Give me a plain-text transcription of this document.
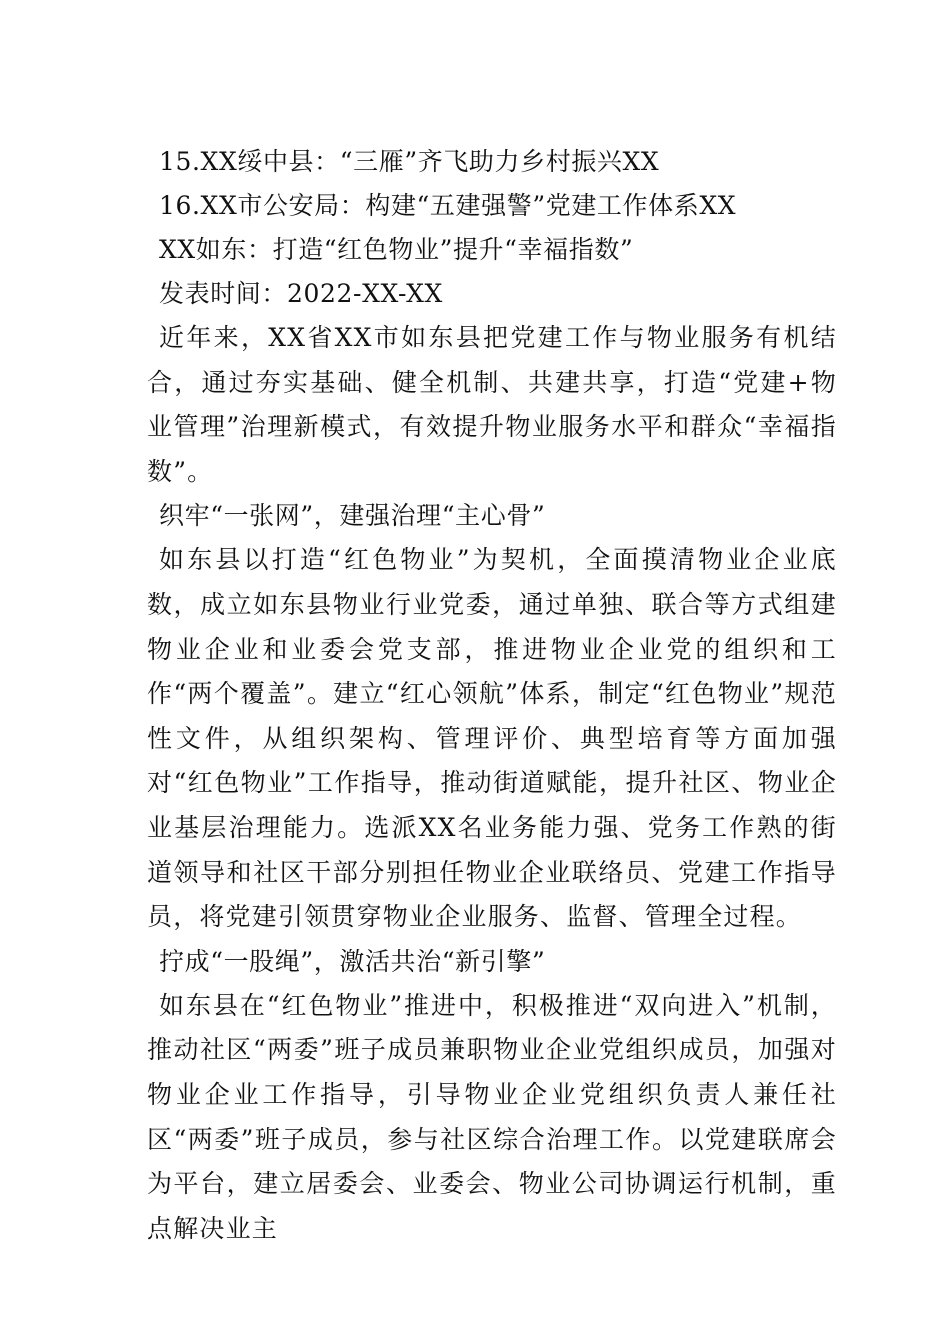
15.XX绥中县：“三雁”齐飞助力乡村振兴XX
16.XX市公安局：构建“五建强警”党建工作体系XX
XX如东：打造“红色物业”提升“幸福指数”
发表时间：2022-XX-XX

近年来，XX省XX市如东县把党建工作与物业服务有机结合，通过夯实基础、健全机制、共建共享，打造“党建+物业管理”治理新模式，有效提升物业服务水平和群众“幸福指数”。

织牢“一张网”，建强治理“主心骨”

如东县以打造“红色物业”为契机，全面摸清物业企业底数，成立如东县物业行业党委，通过单独、联合等方式组建物业企业和业委会党支部，推进物业企业党的组织和工作“两个覆盖”。建立“红心领航”体系，制定“红色物业”规范性文件，从组织架构、管理评价、典型培育等方面加强对“红色物业”工作指导，推动街道赋能，提升社区、物业企业基层治理能力。选派XX名业务能力强、党务工作熟的街道领导和社区干部分别担任物业企业联络员、党建工作指导员，将党建引领贯穿物业企业服务、监督、管理全过程。

拧成“一股绳”，激活共治“新引擎”

如东县在“红色物业”推进中，积极推进“双向进入”机制，推动社区“两委”班子成员兼职物业企业党组织成员，加强对物业企业工作指导，引导物业企业党组织负责人兼任社区“两委”班子成员，参与社区综合治理工作。以党建联席会为平台，建立居委会、业委会、物业公司协调运行机制，重点解决业主
